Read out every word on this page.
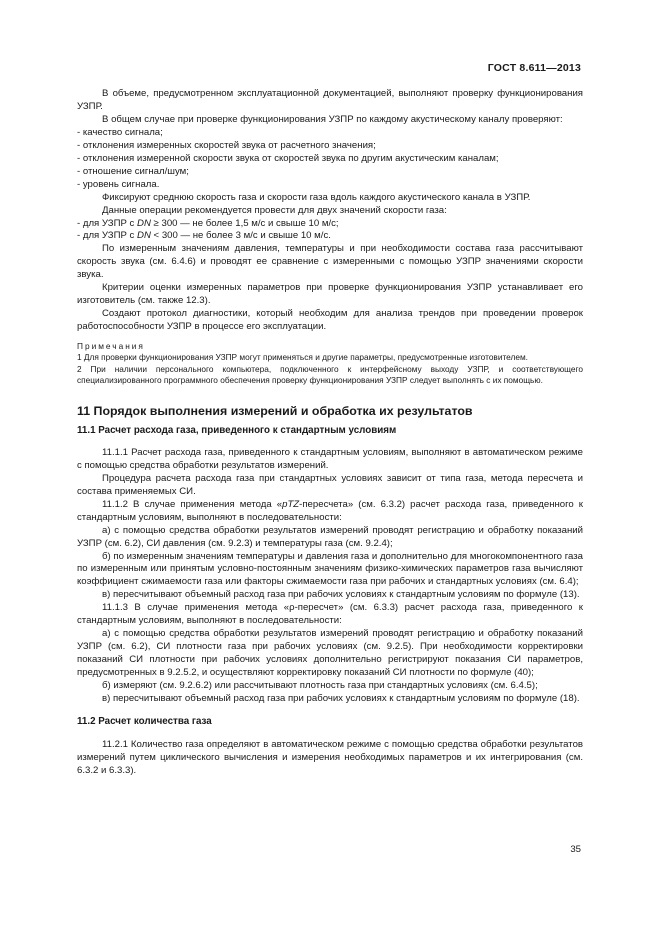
ГОСТ 8.611—2013

В объеме, предусмотренном эксплуатационной документацией, выполняют проверку функционирования УЗПР.

В общем случае при проверке функционирования УЗПР по каждому акустическому каналу проверяют:

- качество сигнала;

- отклонения измеренных скоростей звука от расчетного значения;

- отклонения измеренной скорости звука от скоростей звука по другим акустическим каналам;

- отношение сигнал/шум;

- уровень сигнала.

Фиксируют среднюю скорость газа и скорости газа вдоль каждого акустического канала в УЗПР.

Данные операции рекомендуется провести для двух значений скорости газа:

- для УЗПР с DN ≥ 300 — не более 1,5 м/с и свыше 10 м/с;

- для УЗПР с DN < 300 — не более 3 м/с и свыше 10 м/с.

По измеренным значениям давления, температуры и при необходимости состава газа рассчитывают скорость звука (см. 6.4.6) и проводят ее сравнение с измеренными с помощью УЗПР значениями скорости звука.

Критерии оценки измеренных параметров при проверке функционирования УЗПР устанавливает его изготовитель (см. также 12.3).

Создают протокол диагностики, который необходим для анализа трендов при проведении проверок работоспособности УЗПР в процессе его эксплуатации.

Примечания

1 Для проверки функционирования УЗПР могут применяться и другие параметры, предусмотренные изготовителем.

2 При наличии персонального компьютера, подключенного к интерфейсному выходу УЗПР, и соответствующего специализированного программного обеспечения проверку функционирования УЗПР следует выполнять с их помощью.

11 Порядок выполнения измерений и обработка их результатов
11.1 Расчет расхода газа, приведенного к стандартным условиям

11.1.1 Расчет расхода газа, приведенного к стандартным условиям, выполняют в автоматическом режиме с помощью средства обработки результатов измерений.

Процедура расчета расхода газа при стандартных условиях зависит от типа газа, метода пересчета и состава применяемых СИ.

11.1.2 В случае применения метода «pTZ-пересчета» (см. 6.3.2) расчет расхода газа, приведенного к стандартным условиям, выполняют в последовательности:

а) с помощью средства обработки результатов измерений проводят регистрацию и обработку показаний УЗПР (см. 6.2), СИ давления (см. 9.2.3) и температуры газа (см. 9.2.4);

б) по измеренным значениям температуры и давления газа и дополнительно для многокомпонентного газа по измеренным или принятым условно-постоянным значениям физико-химических параметров газа вычисляют коэффициент сжимаемости газа или факторы сжимаемости газа при рабочих и стандартных условиях (см. 6.4);

в) пересчитывают объемный расход газа при рабочих условиях к стандартным условиям по формуле (13).

11.1.3 В случае применения метода «ρ-пересчет» (см. 6.3.3) расчет расхода газа, приведенного к стандартным условиям, выполняют в последовательности:

а) с помощью средства обработки результатов измерений проводят регистрацию и обработку показаний УЗПР (см. 6.2), СИ плотности газа при рабочих условиях (см. 9.2.5). При необходимости корректировки показаний СИ плотности при рабочих условиях дополнительно регистрируют показания СИ параметров, предусмотренных в 9.2.5.2, и осуществляют корректировку показаний СИ плотности по формуле (40);

б) измеряют (см. 9.2.6.2) или рассчитывают плотность газа при стандартных условиях (см. 6.4.5);

в) пересчитывают объемный расход газа при рабочих условиях к стандартным условиям по формуле (18).

11.2 Расчет количества газа

11.2.1 Количество газа определяют в автоматическом режиме с помощью средства обработки результатов измерений путем циклического вычисления и измерения необходимых параметров и их интегрирования (см. 6.3.2 и 6.3.3).

35
